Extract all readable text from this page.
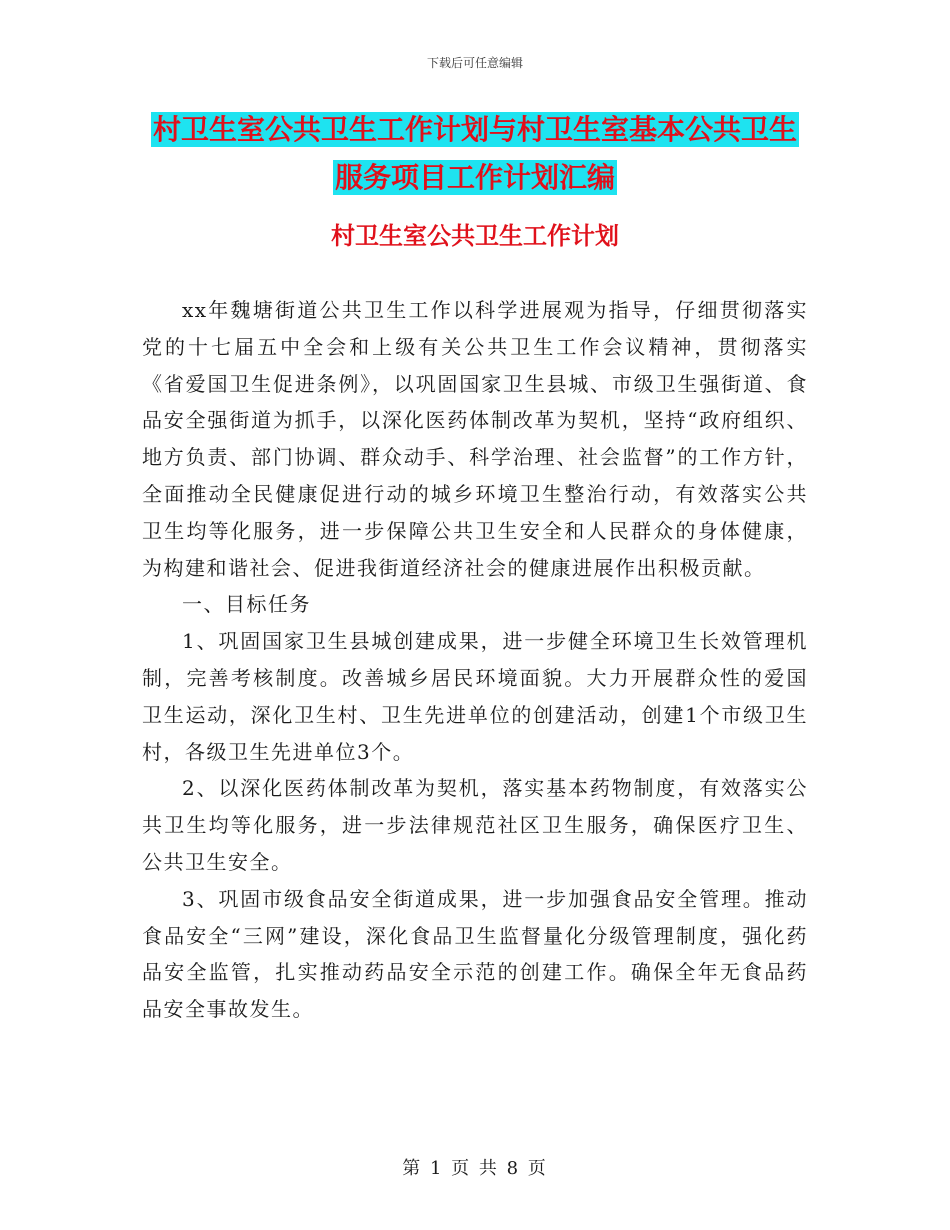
下载后可任意编辑
村卫生室公共卫生工作计划与村卫生室基本公共卫生
服务项目工作计划汇编
村卫生室公共卫生工作计划

xx年魏塘街道公共卫生工作以科学进展观为指导，仔细贯彻落实党的十七届五中全会和上级有关公共卫生工作会议精神，贯彻落实《省爱国卫生促进条例》，以巩固国家卫生县城、市级卫生强街道、食品安全强街道为抓手，以深化医药体制改革为契机，坚持“政府组织、地方负责、部门协调、群众动手、科学治理、社会监督”的工作方针，全面推动全民健康促进行动的城乡环境卫生整治行动，有效落实公共卫生均等化服务，进一步保障公共卫生安全和人民群众的身体健康，为构建和谐社会、促进我街道经济社会的健康进展作出积极贡献。

一、目标任务

1、巩固国家卫生县城创建成果，进一步健全环境卫生长效管理机制，完善考核制度。改善城乡居民环境面貌。大力开展群众性的爱国卫生运动，深化卫生村、卫生先进单位的创建活动，创建1个市级卫生村，各级卫生先进单位3个。

2、以深化医药体制改革为契机，落实基本药物制度，有效落实公共卫生均等化服务，进一步法律规范社区卫生服务，确保医疗卫生、公共卫生安全。

3、巩固市级食品安全街道成果，进一步加强食品安全管理。推动食品安全“三网”建设，深化食品卫生监督量化分级管理制度，强化药品安全监管，扎实推动药品安全示范的创建工作。确保全年无食品药品安全事故发生。

第 1 页 共 8 页
